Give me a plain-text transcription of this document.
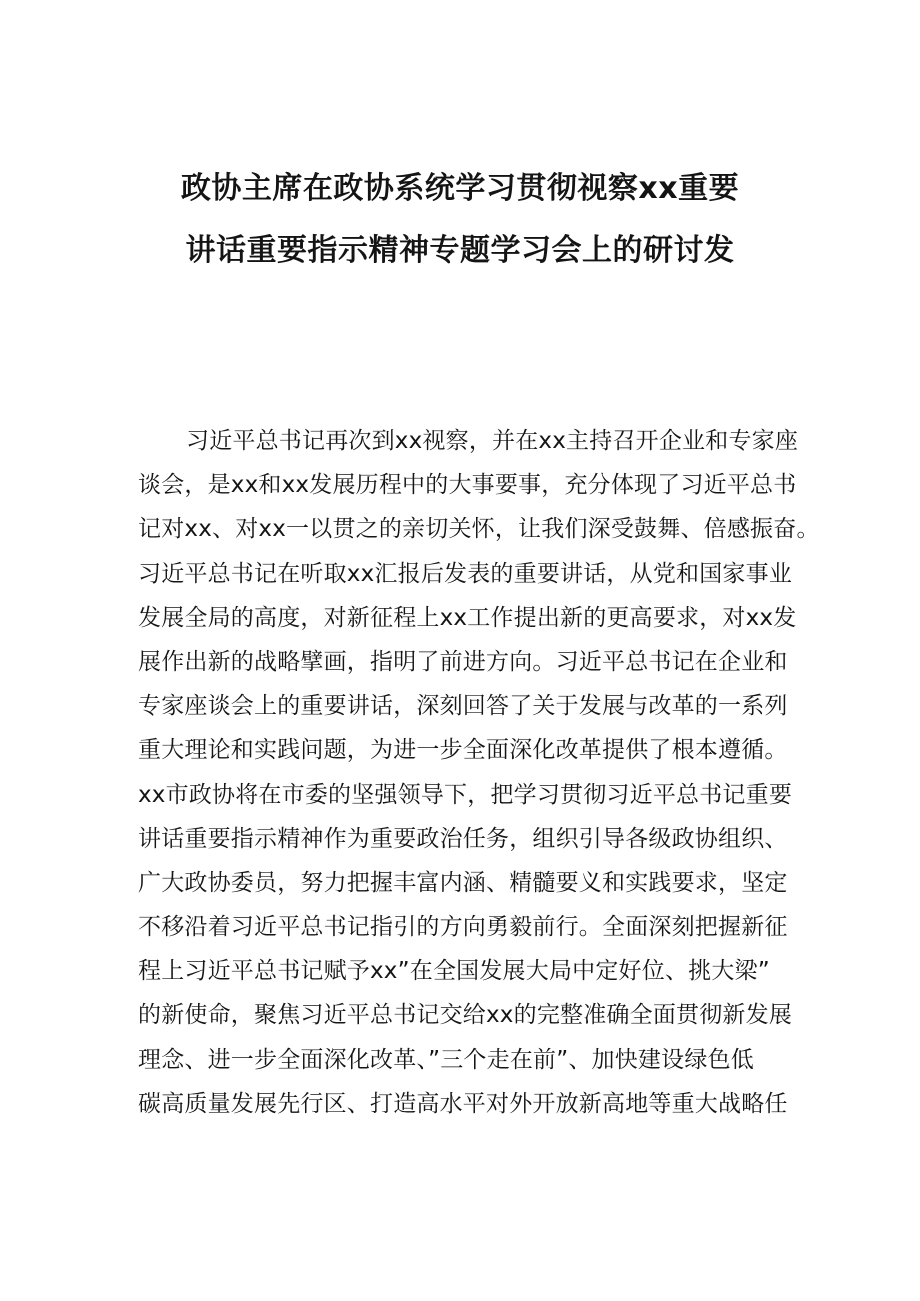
政协主席在政协系统学习贯彻视察xx重要
讲话重要指示精神专题学习会上的研讨发
习近平总书记再次到xx视察，并在xx主持召开企业和专家座
谈会，是xx和xx发展历程中的大事要事，充分体现了习近平总书
记对xx、对xx一以贯之的亲切关怀，让我们深受鼓舞、倍感振奋。
习近平总书记在听取xx汇报后发表的重要讲话，从党和国家事业
发展全局的高度，对新征程上xx工作提出新的更高要求，对xx发
展作出新的战略擘画，指明了前进方向。习近平总书记在企业和
专家座谈会上的重要讲话，深刻回答了关于发展与改革的一系列
重大理论和实践问题，为进一步全面深化改革提供了根本遵循。
xx市政协将在市委的坚强领导下，把学习贯彻习近平总书记重要
讲话重要指示精神作为重要政治任务，组织引导各级政协组织、
广大政协委员，努力把握丰富内涵、精髓要义和实践要求，坚定
不移沿着习近平总书记指引的方向勇毅前行。全面深刻把握新征
程上习近平总书记赋予xx”在全国发展大局中定好位、挑大梁”
的新使命，聚焦习近平总书记交给xx的完整准确全面贯彻新发展
理念、进一步全面深化改革、”三个走在前”、加快建设绿色低
碳高质量发展先行区、打造高水平对外开放新高地等重大战略任
